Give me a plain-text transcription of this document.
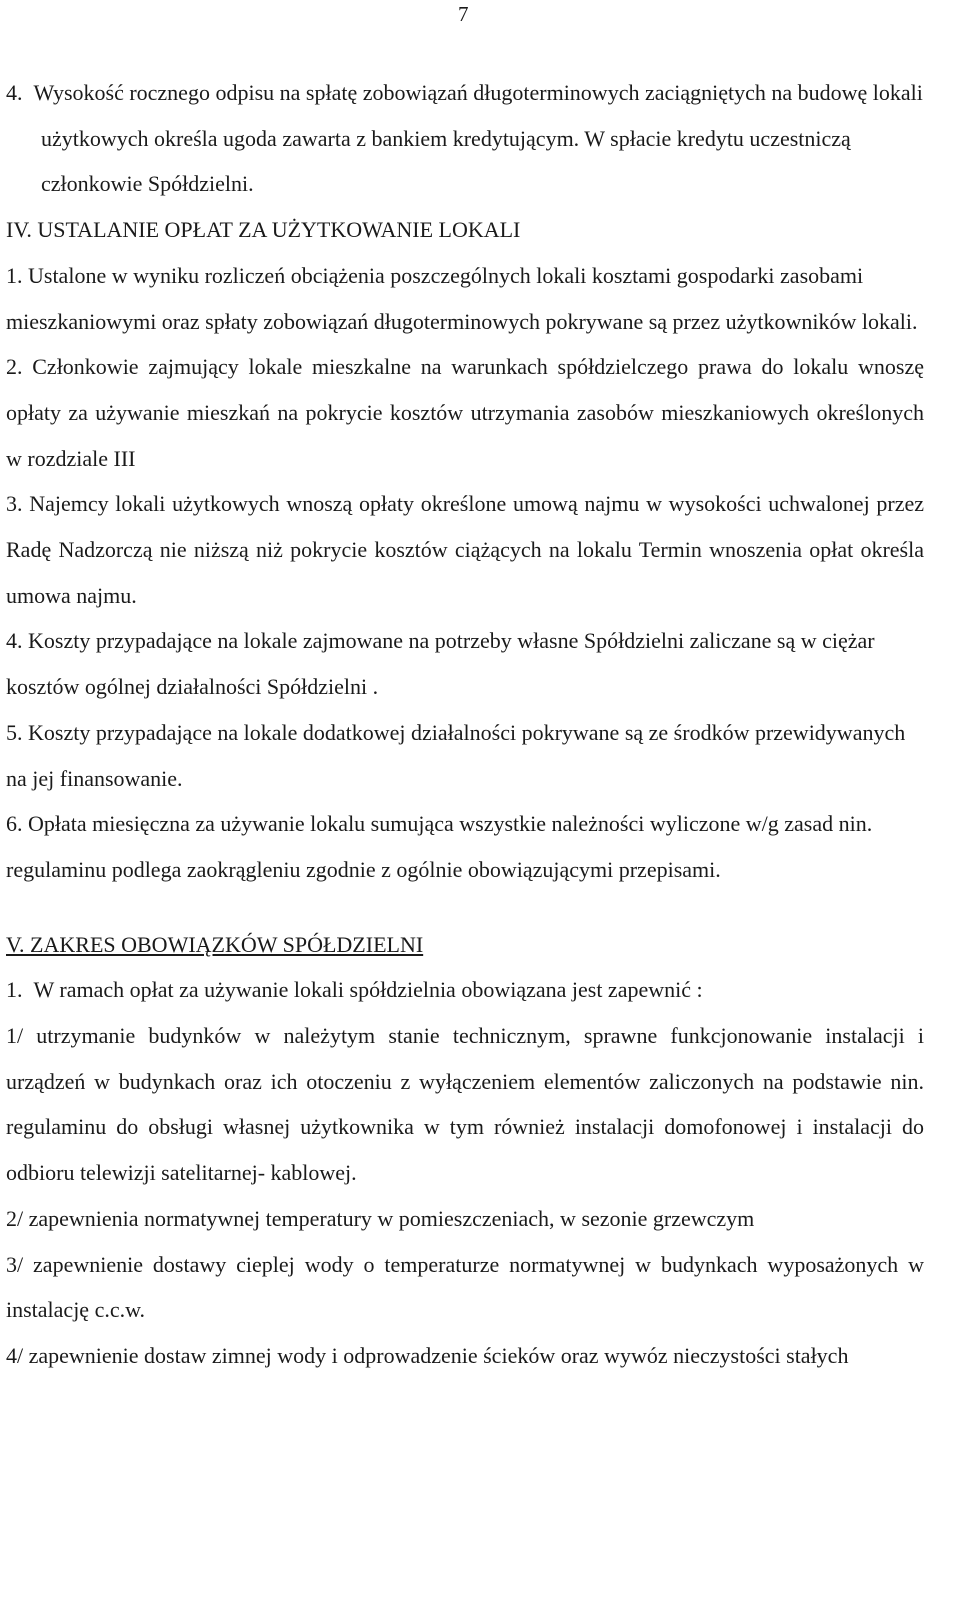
7

4.  Wysokość rocznego odpisu na spłatę zobowiązań długoterminowych zaciągniętych na budowę lokali użytkowych określa ugoda zawarta z bankiem kredytującym. W spłacie kredytu uczestniczą członkowie Spółdzielni.

IV. USTALANIE OPŁAT ZA UŻYTKOWANIE LOKALI

1. Ustalone w wyniku rozliczeń obciążenia poszczególnych lokali kosztami gospodarki zasobami mieszkaniowymi oraz spłaty zobowiązań długoterminowych pokrywane są przez użytkowników lokali.

2. Członkowie zajmujący lokale mieszkalne na warunkach spółdzielczego prawa do lokalu wnoszę opłaty za używanie mieszkań na pokrycie kosztów utrzymania zasobów mieszkaniowych określonych w rozdziale III

3. Najemcy lokali użytkowych wnoszą opłaty określone umową najmu w wysokości uchwalonej przez Radę Nadzorczą nie niższą niż pokrycie kosztów ciążących na lokalu Termin wnoszenia opłat określa umowa najmu.

4. Koszty przypadające na lokale zajmowane na potrzeby własne Spółdzielni zaliczane są w ciężar kosztów ogólnej działalności Spółdzielni .

5. Koszty przypadające na lokale dodatkowej działalności pokrywane są ze środków przewidywanych na jej finansowanie.

6. Opłata miesięczna za używanie lokalu sumująca wszystkie należności wyliczone w/g zasad nin. regulaminu podlega zaokrągleniu zgodnie z ogólnie obowiązującymi przepisami.

V. ZAKRES OBOWIĄZKÓW SPÓŁDZIELNI

1.  W ramach opłat za używanie lokali spółdzielnia obowiązana jest zapewnić :

1/ utrzymanie budynków w należytym stanie technicznym, sprawne funkcjonowanie instalacji i urządzeń w budynkach oraz ich otoczeniu z wyłączeniem elementów zaliczonych na podstawie nin. regulaminu do obsługi własnej użytkownika w tym również instalacji domofonowej i instalacji do odbioru telewizji satelitarnej- kablowej.

2/ zapewnienia normatywnej temperatury w pomieszczeniach, w sezonie grzewczym

3/ zapewnienie dostawy cieplej wody o temperaturze normatywnej w budynkach wyposażonych w instalację c.c.w.

4/ zapewnienie dostaw zimnej wody i odprowadzenie ścieków oraz wywóz nieczystości stałych
